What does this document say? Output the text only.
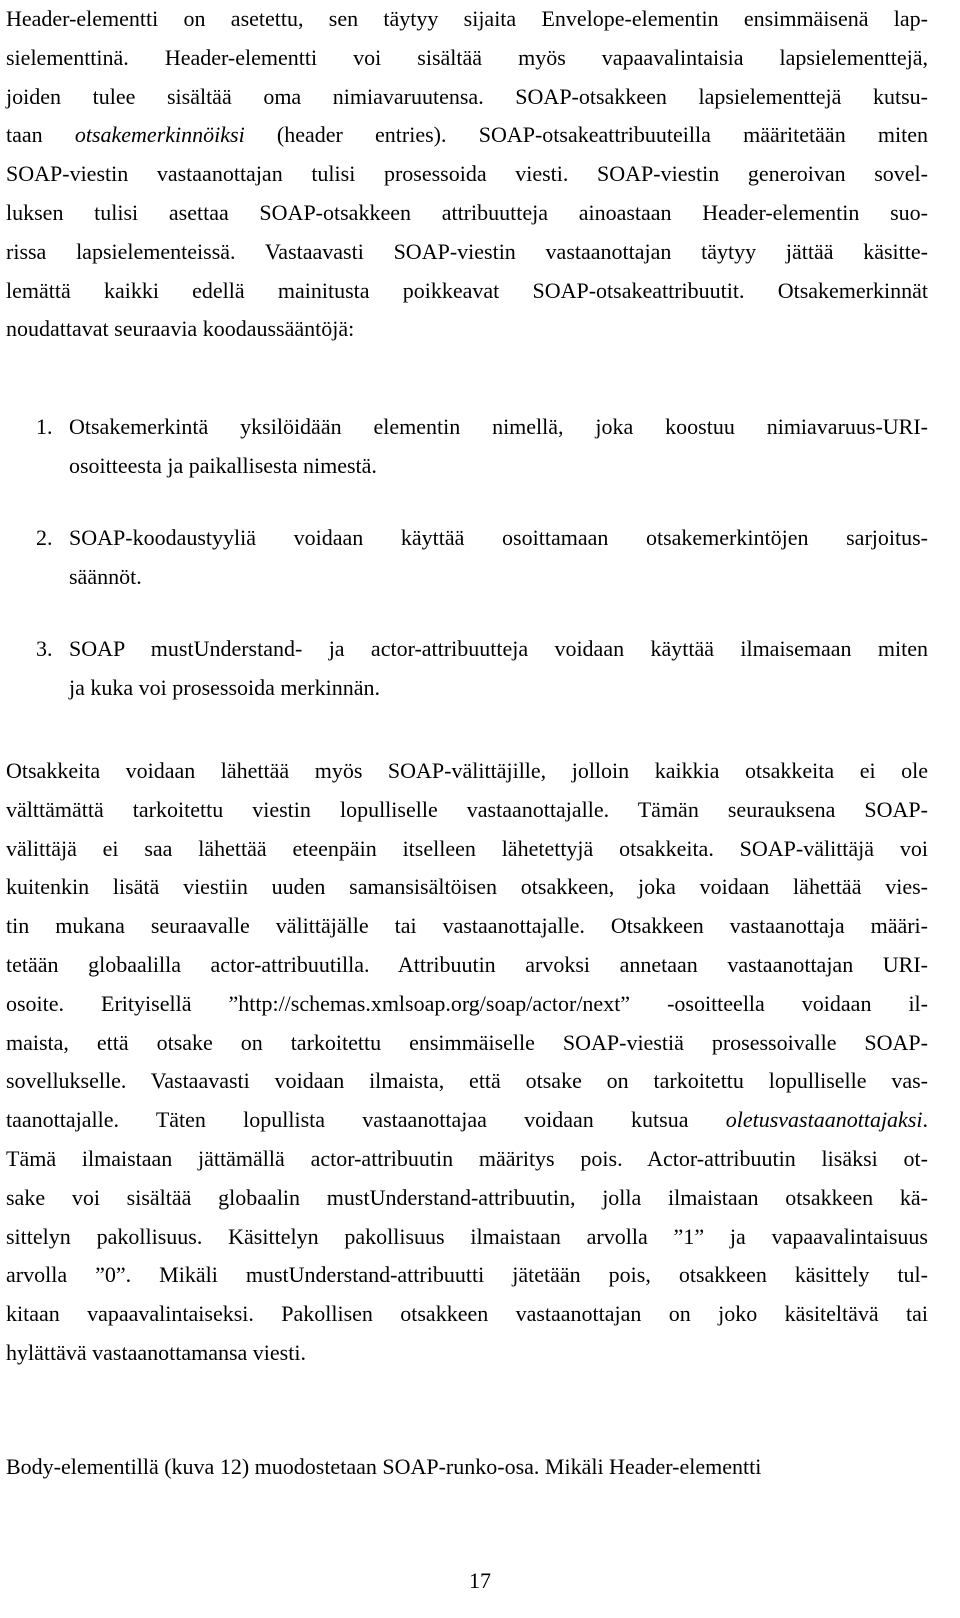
Header-elementti on asetettu, sen täytyy sijaita Envelope-elementin ensimmäisenä lap-
sielementtinä. Header-elementti voi sisältää myös vapaavalintaisia lapsielementtejä,
joiden tulee sisältää oma nimiavaruutensa. SOAP-otsakkeen lapsielementtejä kutsu-
taan otsakemerkinnöiksi (header entries). SOAP-otsakeattribuuteilla määritetään miten
SOAP-viestin vastaanottajan tulisi prosessoida viesti. SOAP-viestin generoivan sovel-
luksen tulisi asettaa SOAP-otsakkeen attribuutteja ainoastaan Header-elementin suo-
rissa lapsielementeissä. Vastaavasti SOAP-viestin vastaanottajan täytyy jättää käsitte-
lemättä kaikki edellä mainitusta poikkeavat SOAP-otsakeattribuutit. Otsakemerkinnät
noudattavat seuraavia koodaussääntöjä:

1. Otsakemerkintä yksilöidään elementin nimellä, joka koostuu nimiavaruus-URI-
osoitteesta ja paikallisesta nimestä.
2. SOAP-koodaustyyliä voidaan käyttää osoittamaan otsakemerkintöjen sarjoitus-
säännöt.
3. SOAP mustUnderstand- ja actor-attribuutteja voidaan käyttää ilmaisemaan miten
ja kuka voi prosessoida merkinnän.

Otsakkeita voidaan lähettää myös SOAP-välittäjille, jolloin kaikkia otsakkeita ei ole
välttämättä tarkoitettu viestin lopulliselle vastaanottajalle. Tämän seurauksena SOAP-
välittäjä ei saa lähettää eteenpäin itselleen lähetettyjä otsakkeita. SOAP-välittäjä voi
kuitenkin lisätä viestiin uuden samansisältöisen otsakkeen, joka voidaan lähettää vies-
tin mukana seuraavalle välittäjälle tai vastaanottajalle. Otsakkeen vastaanottaja määri-
tetään globaalilla actor-attribuutilla. Attribuutin arvoksi annetaan vastaanottajan URI-
osoite. Erityisellä ”http://schemas.xmlsoap.org/soap/actor/next” -osoitteella voidaan il-
maista, että otsake on tarkoitettu ensimmäiselle SOAP-viestiä prosessoivalle SOAP-
sovellukselle. Vastaavasti voidaan ilmaista, että otsake on tarkoitettu lopulliselle vas-
taanottajalle. Täten lopullista vastaanottajaa voidaan kutsua oletusvastaanottajaksi.
Tämä ilmaistaan jättämällä actor-attribuutin määritys pois. Actor-attribuutin lisäksi ot-
sake voi sisältää globaalin mustUnderstand-attribuutin, jolla ilmaistaan otsakkeen kä-
sittelyn pakollisuus. Käsittelyn pakollisuus ilmaistaan arvolla ”1” ja vapaavalintaisuus
arvolla ”0”. Mikäli mustUnderstand-attribuutti jätetään pois, otsakkeen käsittely tul-
kitaan vapaavalintaiseksi. Pakollisen otsakkeen vastaanottajan on joko käsiteltävä tai
hylättävä vastaanottamansa viesti.

Body-elementillä (kuva 12) muodostetaan SOAP-runko-osa. Mikäli Header-elementti

17
